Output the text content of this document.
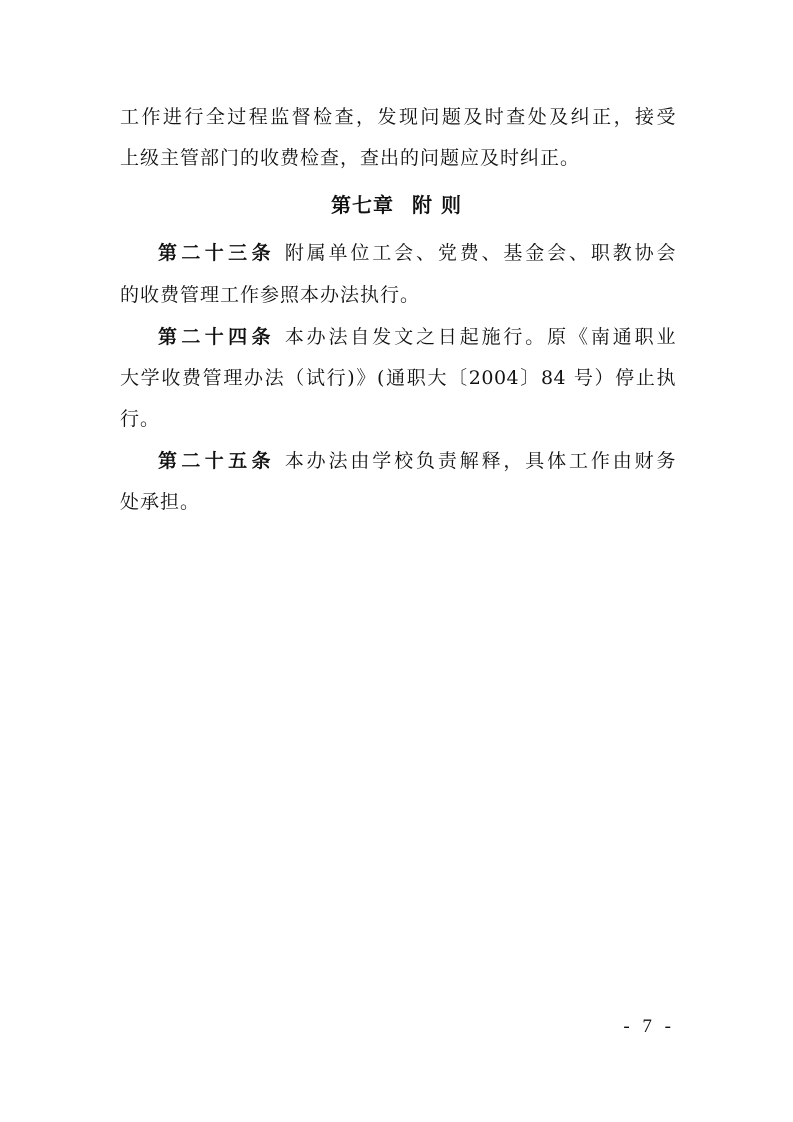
工作进行全过程监督检查，发现问题及时查处及纠正，接受
上级主管部门的收费检查，查出的问题应及时纠正。
第七章 附 则
第二十三条 附属单位工会、党费、基金会、职教协会
的收费管理工作参照本办法执行。
第二十四条 本办法自发文之日起施行。原《南通职业
大学收费管理办法（试行)》(通职大〔2004〕84 号）停止执
行。
第二十五条 本办法由学校负责解释，具体工作由财务
处承担。
- 7 -
